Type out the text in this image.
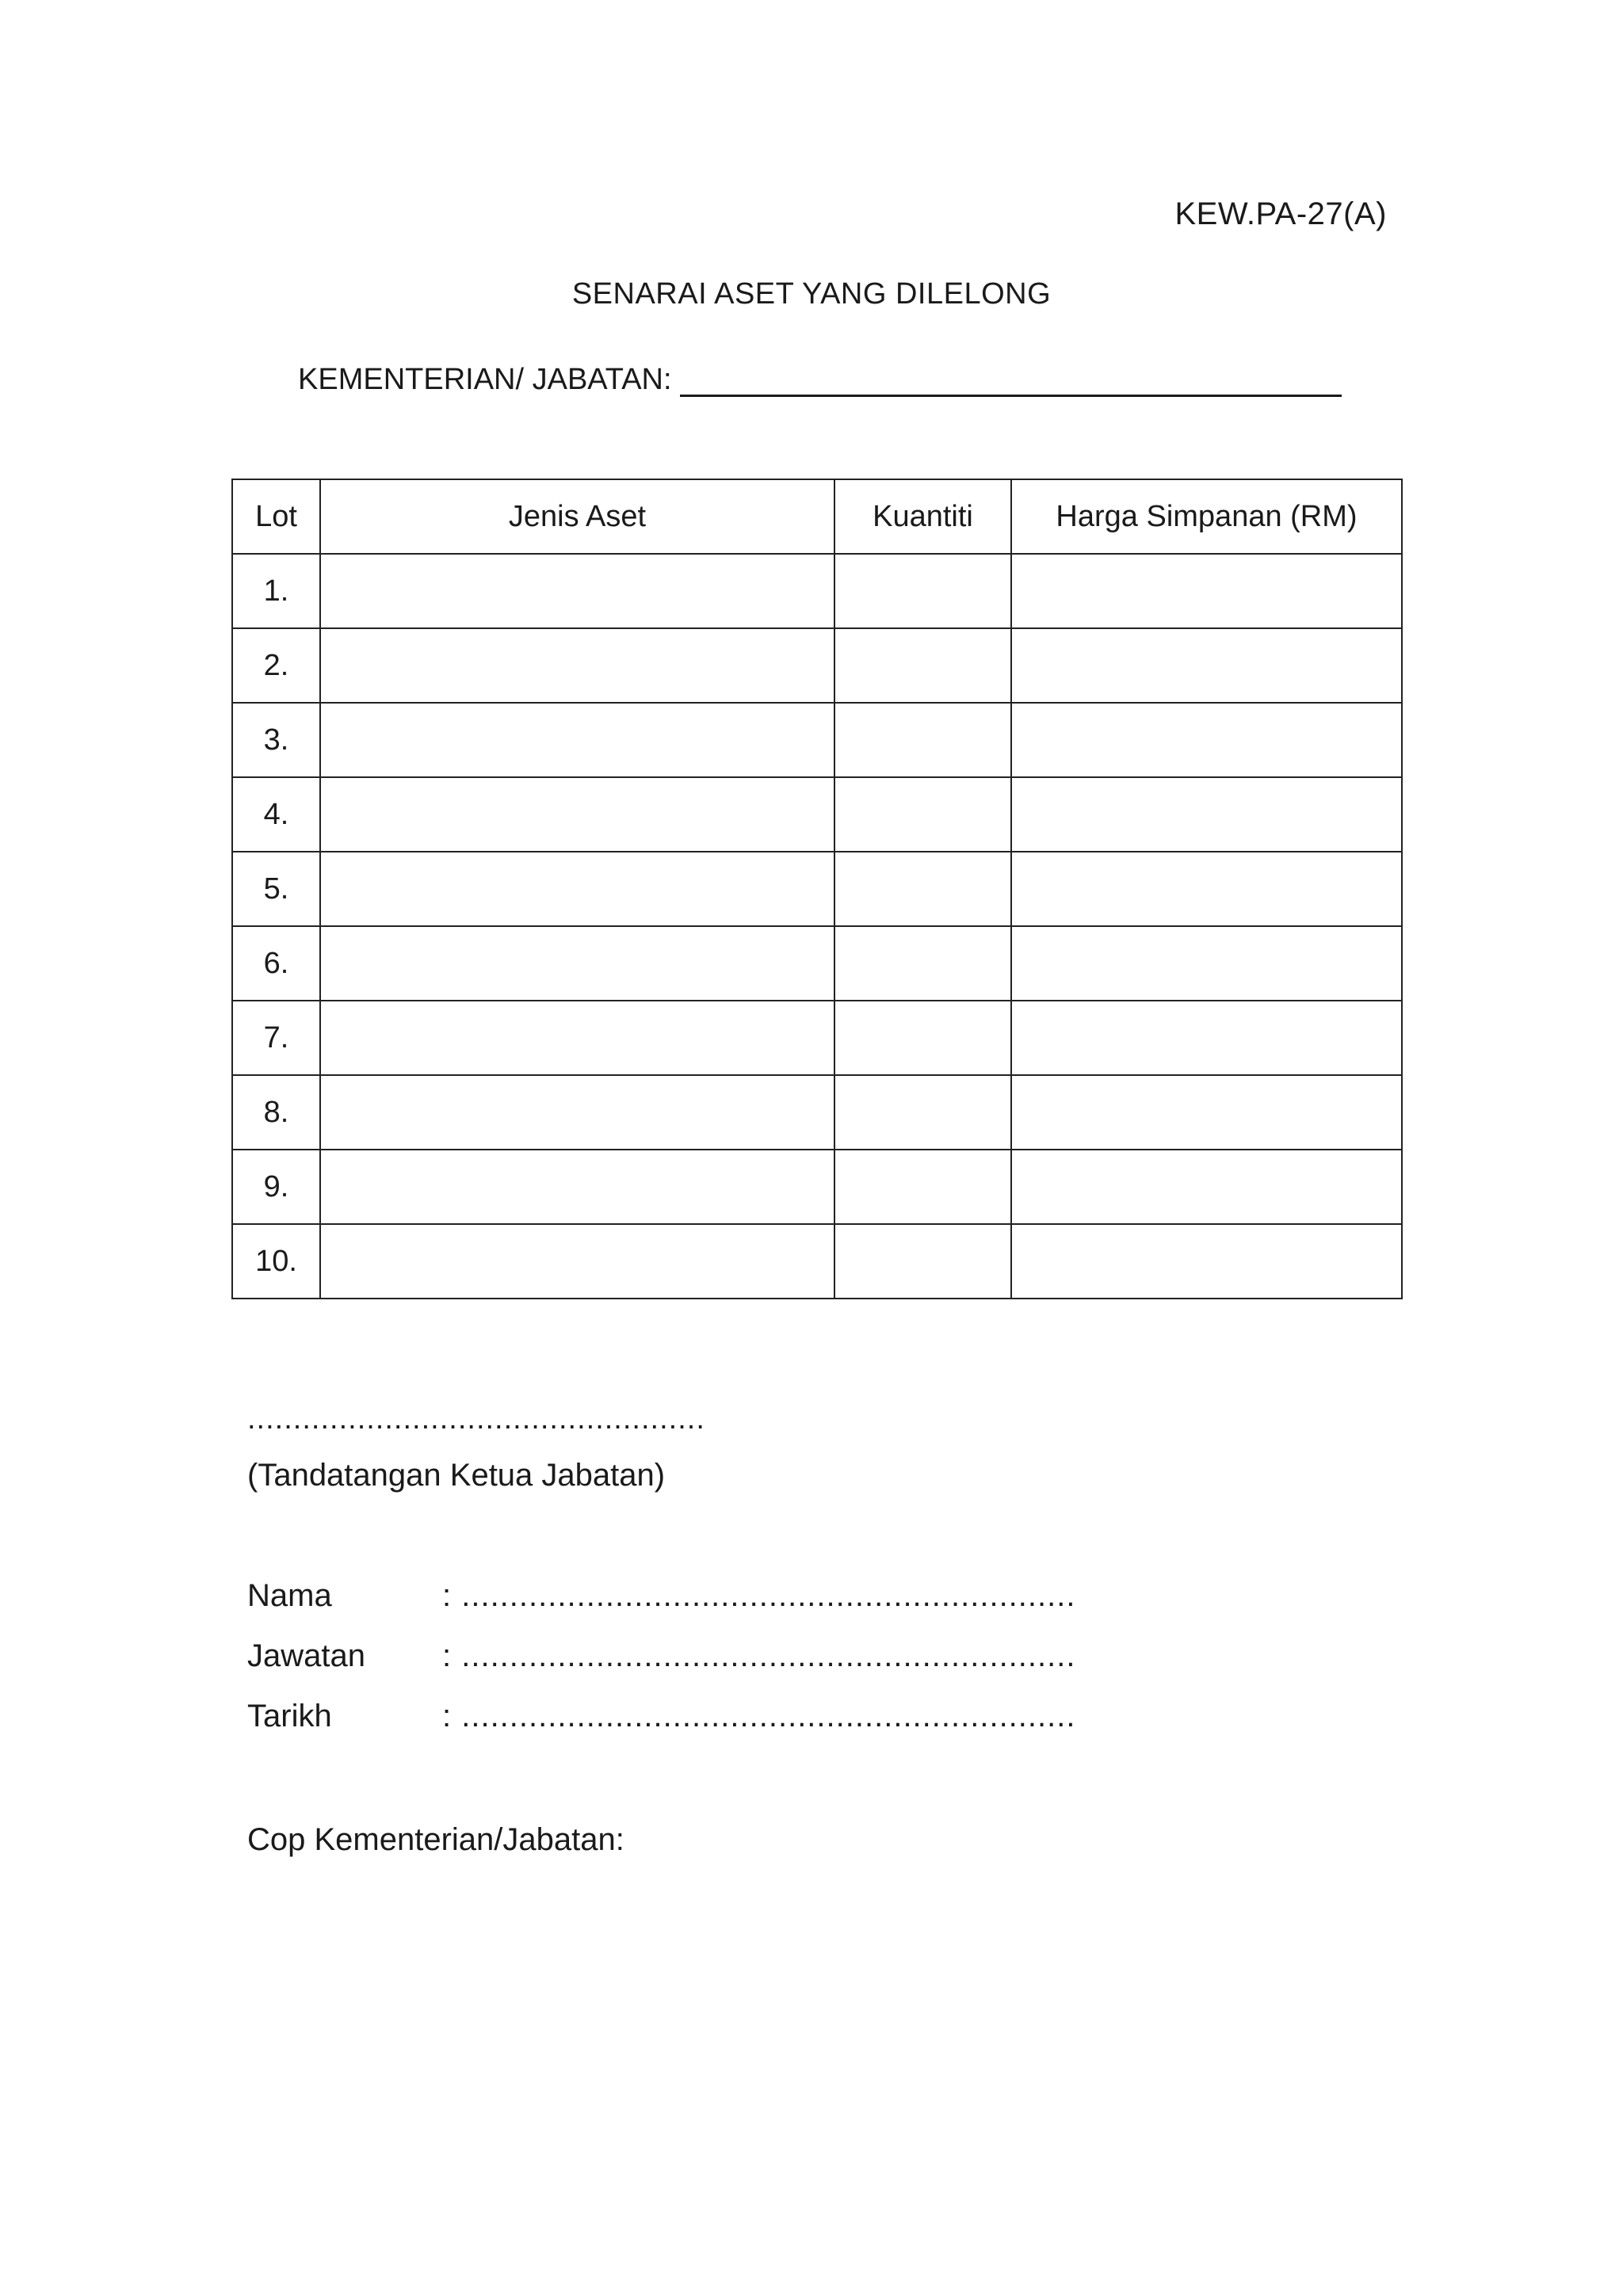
KEW.PA-27(A)
SENARAI ASET YANG DILELONG
KEMENTERIAN/ JABATAN:
Lot	Jenis Aset	Kuantiti	Harga Simpanan (RM)
1.			
2.			
3.			
4.			
5.			
6.			
7.			
8.			
9.			
10.			
..................................................
(Tandatangan Ketua Jabatan)
Nama	: ................................................................
Jawatan	: ................................................................
Tarikh	: ................................................................
Cop Kementerian/Jabatan:
